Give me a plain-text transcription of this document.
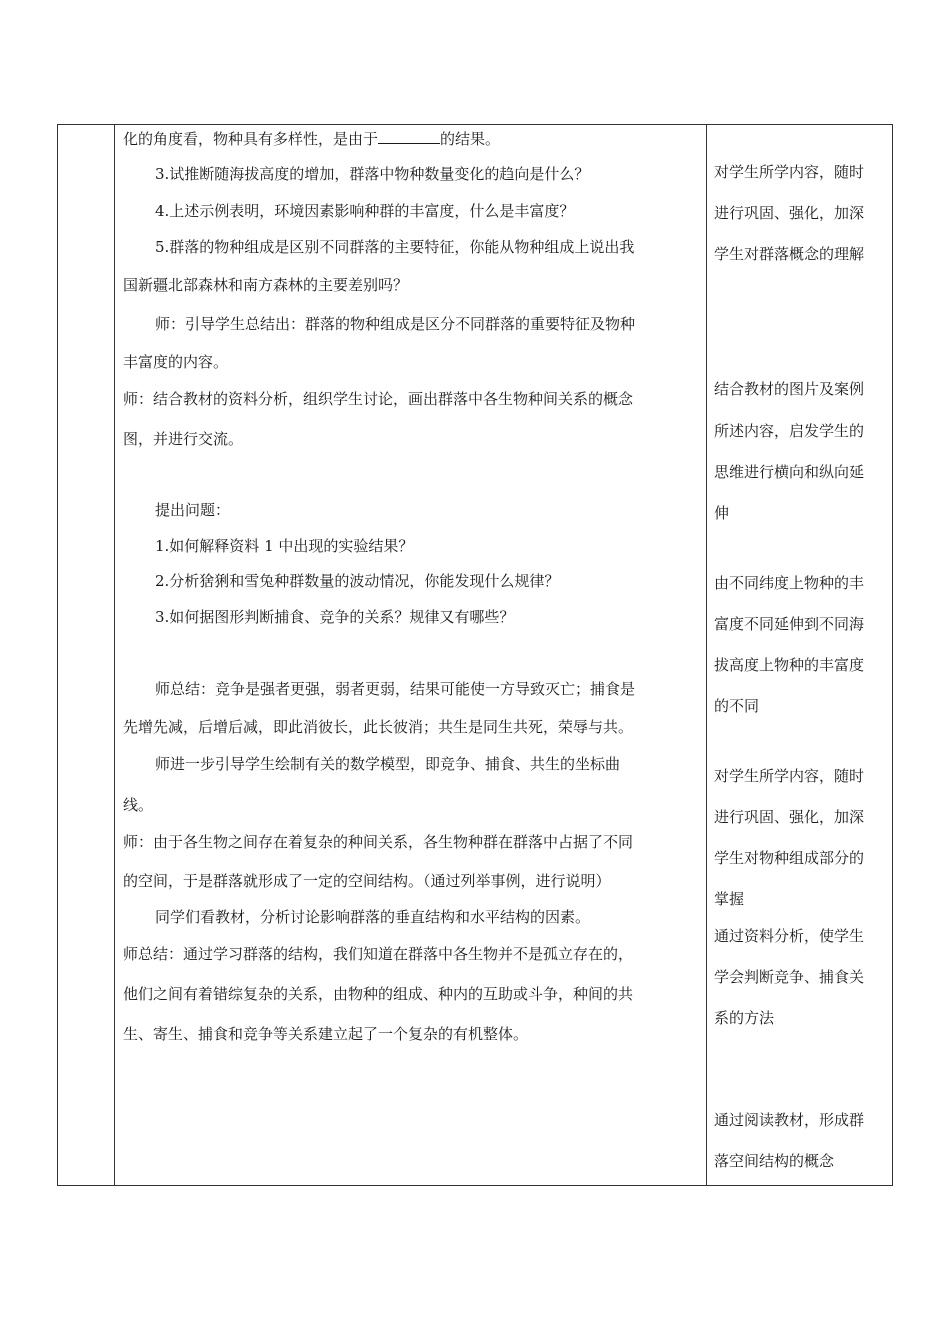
化的角度看，物种具有多样性，是由于	的结果。
3.试推断随海拔高度的增加，群落中物种数量变化的趋向是什么？
4.上述示例表明，环境因素影响种群的丰富度，什么是丰富度？
5.群落的物种组成是区别不同群落的主要特征，你能从物种组成上说出我
国新疆北部森林和南方森林的主要差别吗？
师：引导学生总结出：群落的物种组成是区分不同群落的重要特征及物种
丰富度的内容。
师：结合教材的资料分析，组织学生讨论，画出群落中各生物种间关系的概念
图，并进行交流。
提出问题：
1.如何解释资料 1 中出现的实验结果？
2.分析猞猁和雪兔种群数量的波动情况，你能发现什么规律？
3.如何据图形判断捕食、竞争的关系？规律又有哪些？
师总结：竞争是强者更强，弱者更弱，结果可能使一方导致灭亡；捕食是
先增先减，后增后减，即此消彼长，此长彼消；共生是同生共死，荣辱与共。
师进一步引导学生绘制有关的数学模型，即竞争、捕食、共生的坐标曲
线。
师：由于各生物之间存在着复杂的种间关系，各生物种群在群落中占据了不同
的空间，于是群落就形成了一定的空间结构。（通过列举事例，进行说明）
同学们看教材，分析讨论影响群落的垂直结构和水平结构的因素。
师总结：通过学习群落的结构，我们知道在群落中各生物并不是孤立存在的，
他们之间有着错综复杂的关系，由物种的组成、种内的互助或斗争，种间的共
生、寄生、捕食和竞争等关系建立起了一个复杂的有机整体。
对学生所学内容，随时
进行巩固、强化，加深
学生对群落概念的理解
结合教材的图片及案例
所述内容，启发学生的
思维进行横向和纵向延
伸
由不同纬度上物种的丰
富度不同延伸到不同海
拔高度上物种的丰富度
的不同
对学生所学内容，随时
进行巩固、强化，加深
学生对物种组成部分的
掌握
通过资料分析，使学生
学会判断竞争、捕食关
系的方法
通过阅读教材，形成群
落空间结构的概念
